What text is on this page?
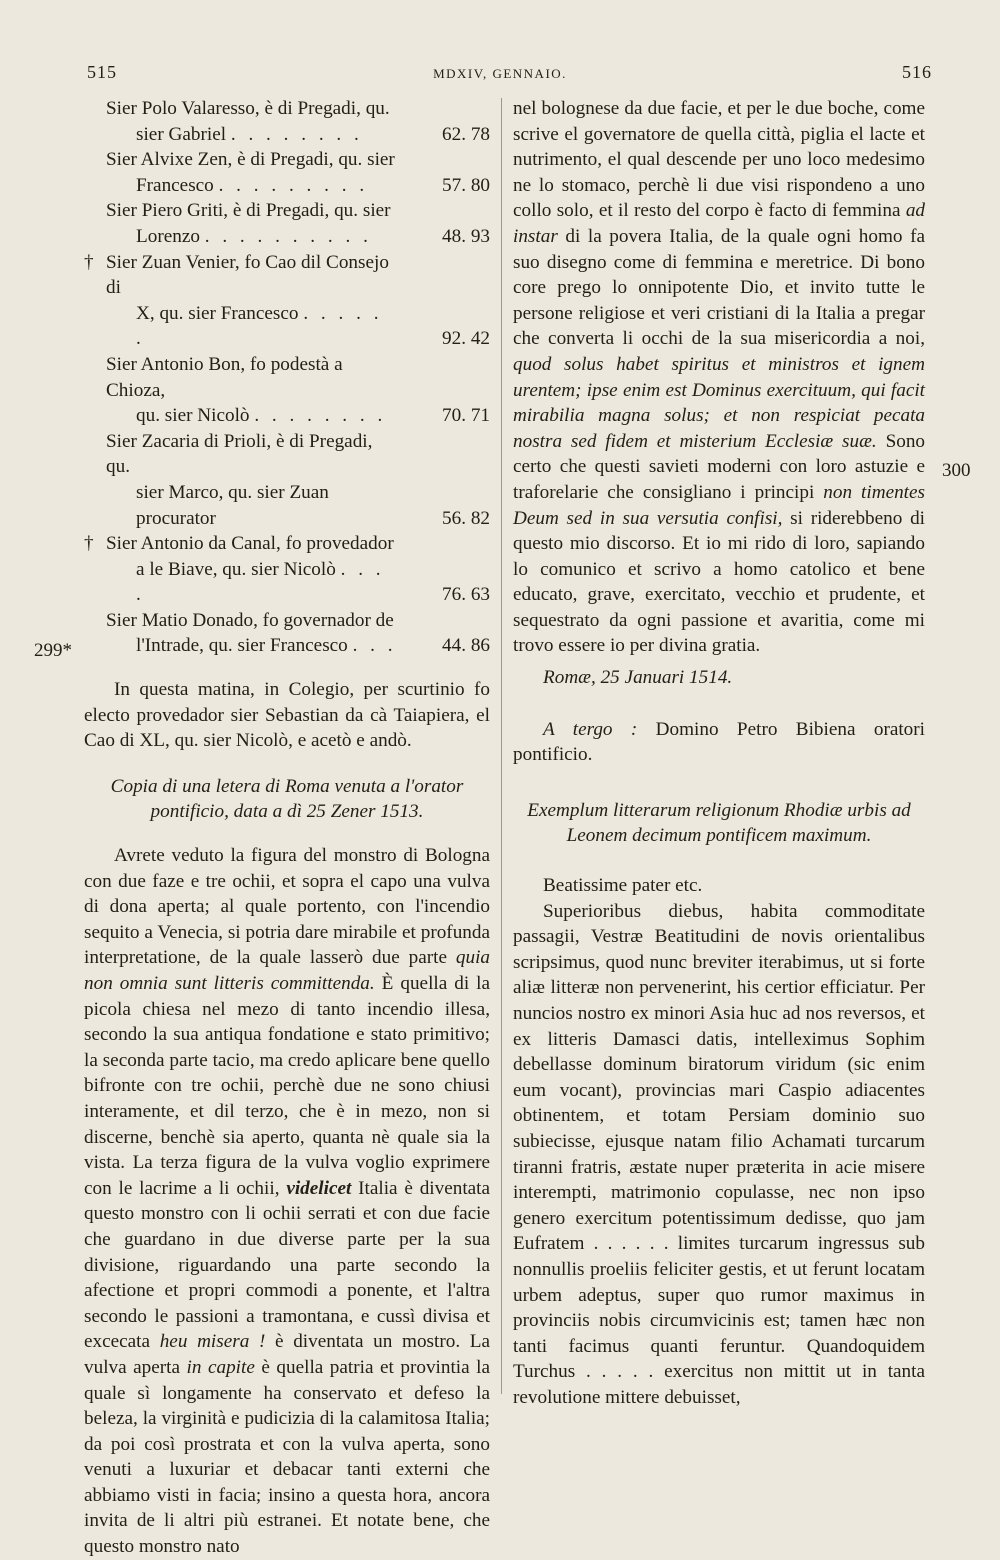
515	MDXIV, GENNAIO.	516
299*
300
Sier Polo Valaresso, è di Pregadi, qu.
sier Gabriel . . . . . . . .	62. 78
Sier Alvixe Zen, è di Pregadi, qu. sier
Francesco . . . . . . . . .	57. 80
Sier Piero Griti, è di Pregadi, qu. sier
Lorenzo . . . . . . . . . .	48. 93
† Sier Zuan Venier, fo Cao dil Consejo di
X, qu. sier Francesco . . . . . .	92. 42
Sier Antonio Bon, fo podestà a Chioza,
qu. sier Nicolò . . . . . . . .	70. 71
Sier Zacaria di Prioli, è di Pregadi, qu.
sier Marco, qu. sier Zuan procurator	56. 82
† Sier Antonio da Canal, fo provedador
a le Biave, qu. sier Nicolò . . . .	76. 63
Sier Matio Donado, fo governador de
l'Intrade, qu. sier Francesco . . .	44. 86

In questa matina, in Colegio, per scurtinio fo electo provedador sier Sebastian da cà Taiapiera, el Cao di XL, qu. sier Nicolò, e acetò e andò.

Copia di una letera di Roma venuta a l'orator pontificio, data a dì 25 Zener 1513.

Avrete veduto la figura del monstro di Bologna con due faze e tre ochii, et sopra el capo una vulva di dona aperta; al quale portento, con l'incendio sequito a Venecia, si potria dare mirabile et profunda interpretatione, de la quale lasserò due parte quia non omnia sunt litteris committenda. È quella di la picola chiesa nel mezo di tanto incendio illesa, secondo la sua antiqua fondatione e stato primitivo; la seconda parte tacio, ma credo aplicare bene quello bifronte con tre ochii, perchè due ne sono chiusi interamente, et dil terzo, che è in mezo, non si discerne, benchè sia aperto, quanta nè quale sia la vista. La terza figura de la vulva voglio exprimere con le lacrime a li ochii, videlicet Italia è diventata questo monstro con li ochii serrati et con due facie che guardano in due diverse parte per la sua divisione, riguardando una parte secondo la afectione et propri commodi a ponente, et l'altra secondo le passioni a tramontana, e cussì divisa et excecata heu misera ! è diventata un mostro. La vulva aperta in capite è quella patria et provintia la quale sì longamente ha conservato et defeso la beleza, la virginità e pudicizia di la calamitosa Italia; da poi così prostrata et con la vulva aperta, sono venuti a luxuriar et debacar tanti externi che abbiamo visti in facia; insino a questa hora, ancora invita de li altri più estranei. Et notate bene, che questo monstro nato

nel bolognese da due facie, et per le due boche, come scrive el governatore de quella città, piglia el lacte et nutrimento, el qual descende per uno loco medesimo ne lo stomaco, perchè li due visi rispondeno a uno collo solo, et il resto del corpo è facto di femmina ad instar di la povera Italia, de la quale ogni homo fa suo disegno come di femmina e meretrice. Di bono core prego lo onnipotente Dio, et invito tutte le persone religiose et veri cristiani di la Italia a pregar che converta li occhi de la sua misericordia a noi, quod solus habet spiritus et ministros et ignem urentem; ipse enim est Dominus exercituum, qui facit mirabilia magna solus; et non respiciat pecata nostra sed fidem et misterium Ecclesiæ suæ. Sono certo che questi savieti moderni con loro astuzie e traforelarie che consigliano i principi non timentes Deum sed in sua versutia confisi, si riderebbeno di questo mio discorso. Et io mi rido di loro, sapiando lo comunico et scrivo a homo catolico et bene educato, grave, exercitato, vecchio et prudente, et sequestrato da ogni passione et avaritia, come mi trovo essere io per divina gratia.

Romæ, 25 Januari 1514.

A tergo : Domino Petro Bibiena oratori pontificio.

Exemplum litterarum religionum Rhodiæ urbis ad Leonem decimum pontificem maximum.

Beatissime pater etc.

Superioribus diebus, habita commoditate passagii, Vestræ Beatitudini de novis orientalibus scripsimus, quod nunc breviter iterabimus, ut si forte aliæ litteræ non pervenerint, his certior efficiatur. Per nuncios nostro ex minori Asia huc ad nos reversos, et ex litteris Damasci datis, intelleximus Sophim debellasse dominum biratorum viridum (sic enim eum vocant), provincias mari Caspio adiacentes obtinentem, et totam Persiam dominio suo subiecisse, ejusque natam filio Achamati turcarum tiranni fratris, æstate nuper præterita in acie misere interempti, matrimonio copulasse, nec non ipso genero exercitum potentissimum dedisse, quo jam Eufratem . . . . . . limites turcarum ingressus sub nonnullis proeliis feliciter gestis, et ut ferunt locatam urbem adeptus, super quo rumor maximus in provinciis nobis circumvicinis est; tamen hæc non tanti facimus quanti feruntur. Quandoquidem Turchus . . . . . exercitus non mittit ut in tanta revolutione mittere debuisset,
